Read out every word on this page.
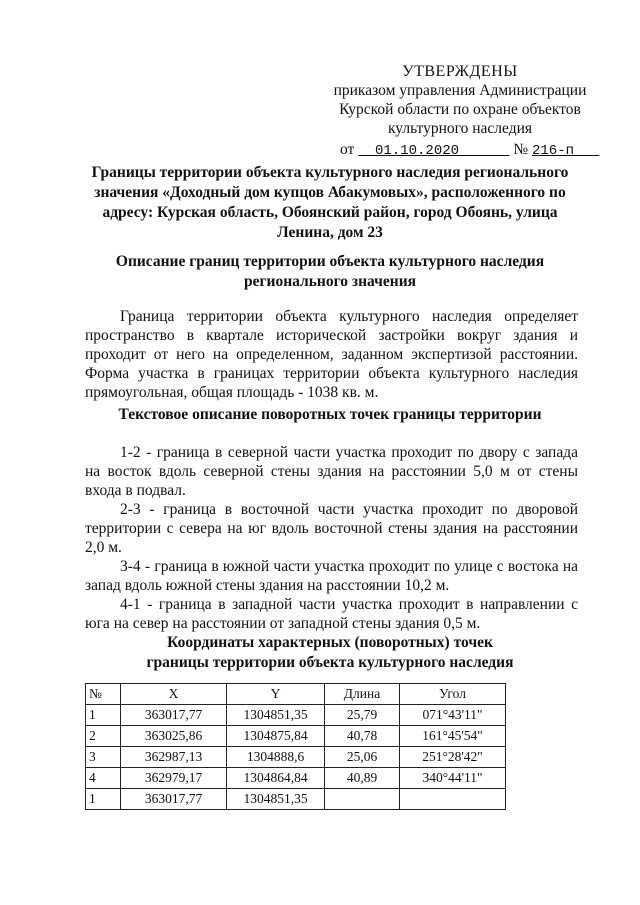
УТВЕРЖДЕНЫ
приказом управления Администрации
Курской области по охране объектов
культурного наследия
от 01.10.2020	№ 216-п
Границы территории объекта культурного наследия регионального значения «Доходный дом купцов Абакумовых», расположенного по адресу: Курская область, Обоянский район, город Обоянь, улица Ленина, дом 23
Описание границ территории объекта культурного наследия регионального значения
Граница территории объекта культурного наследия определяет пространство в квартале исторической застройки вокруг здания и проходит от него на определенном, заданном экспертизой расстоянии. Форма участка в границах территории объекта культурного наследия прямоугольная, общая площадь - 1038 кв. м.
Текстовое описание поворотных точек границы территории

1-2 - граница в северной части участка проходит по двору с запада на восток вдоль северной стены здания на расстоянии 5,0 м от стены входа в подвал.

2-3 - граница в восточной части участка проходит по дворовой территории с севера на юг вдоль восточной стены здания на расстоянии 2,0 м.

3-4 - граница в южной части участка проходит по улице с востока на запад вдоль южной стены здания на расстоянии 10,2 м.

4-1 - граница в западной части участка проходит в направлении с юга на север на расстоянии от западной стены здания 0,5 м.

Координаты характерных (поворотных) точек
границы территории объекта культурного наследия
№	X	Y	Длина	Угол
1	363017,77	1304851,35	25,79	071°43'11"
2	363025,86	1304875,84	40,78	161°45'54"
3	362987,13	1304888,6	25,06	251°28'42"
4	362979,17	1304864,84	40,89	340°44'11"
1	363017,77	1304851,35		
